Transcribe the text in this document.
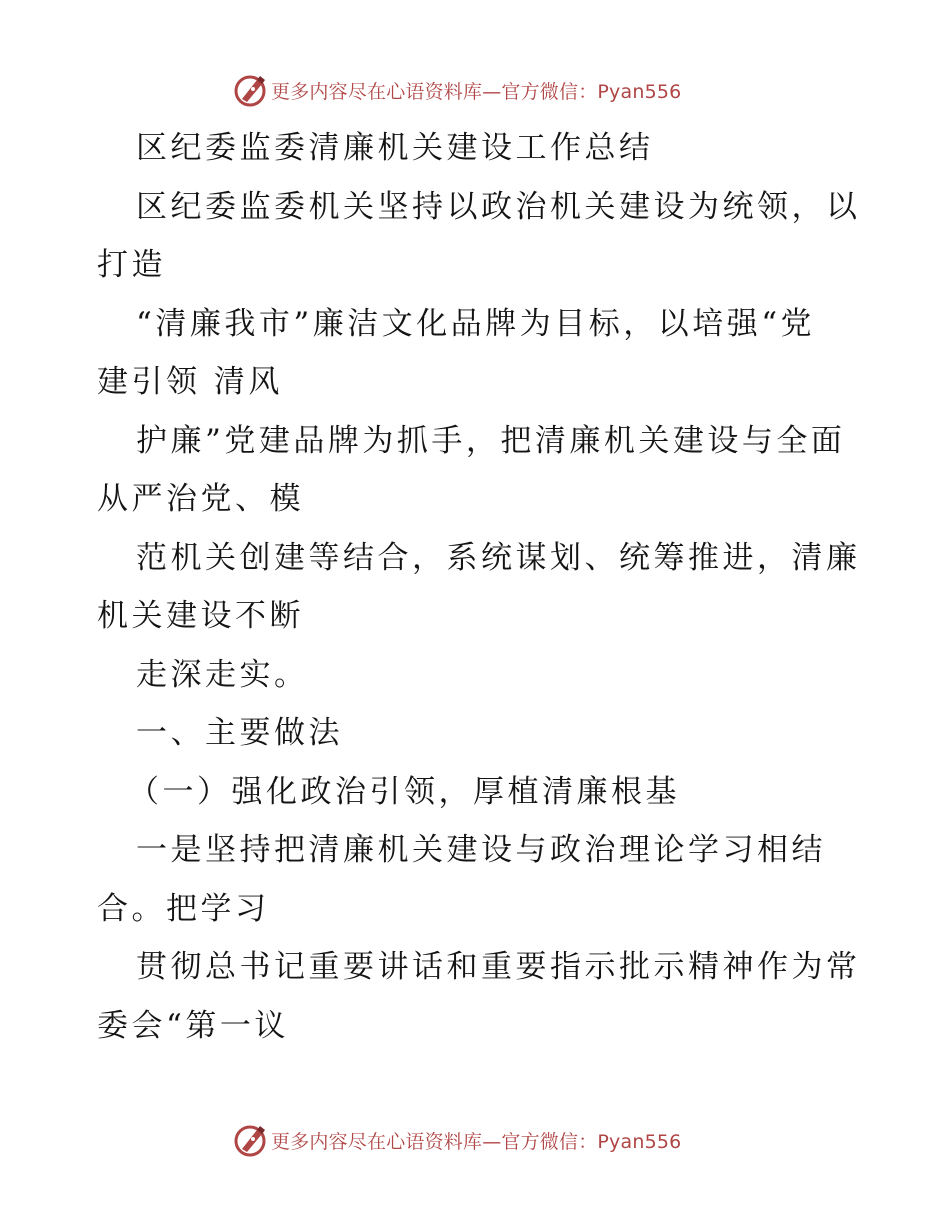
更多内容尽在心语资料库—官方微信：Pyan556
区纪委监委清廉机关建设工作总结
区纪委监委机关坚持以政治机关建设为统领，以
打造
“清廉我市”廉洁文化品牌为目标，以培强“党
建引领 清风
护廉”党建品牌为抓手，把清廉机关建设与全面
从严治党、模
范机关创建等结合，系统谋划、统筹推进，清廉
机关建设不断
走深走实。
一、主要做法
（一）强化政治引领，厚植清廉根基
一是坚持把清廉机关建设与政治理论学习相结
合。把学习
贯彻总书记重要讲话和重要指示批示精神作为常
委会“第一议
更多内容尽在心语资料库—官方微信：Pyan556
